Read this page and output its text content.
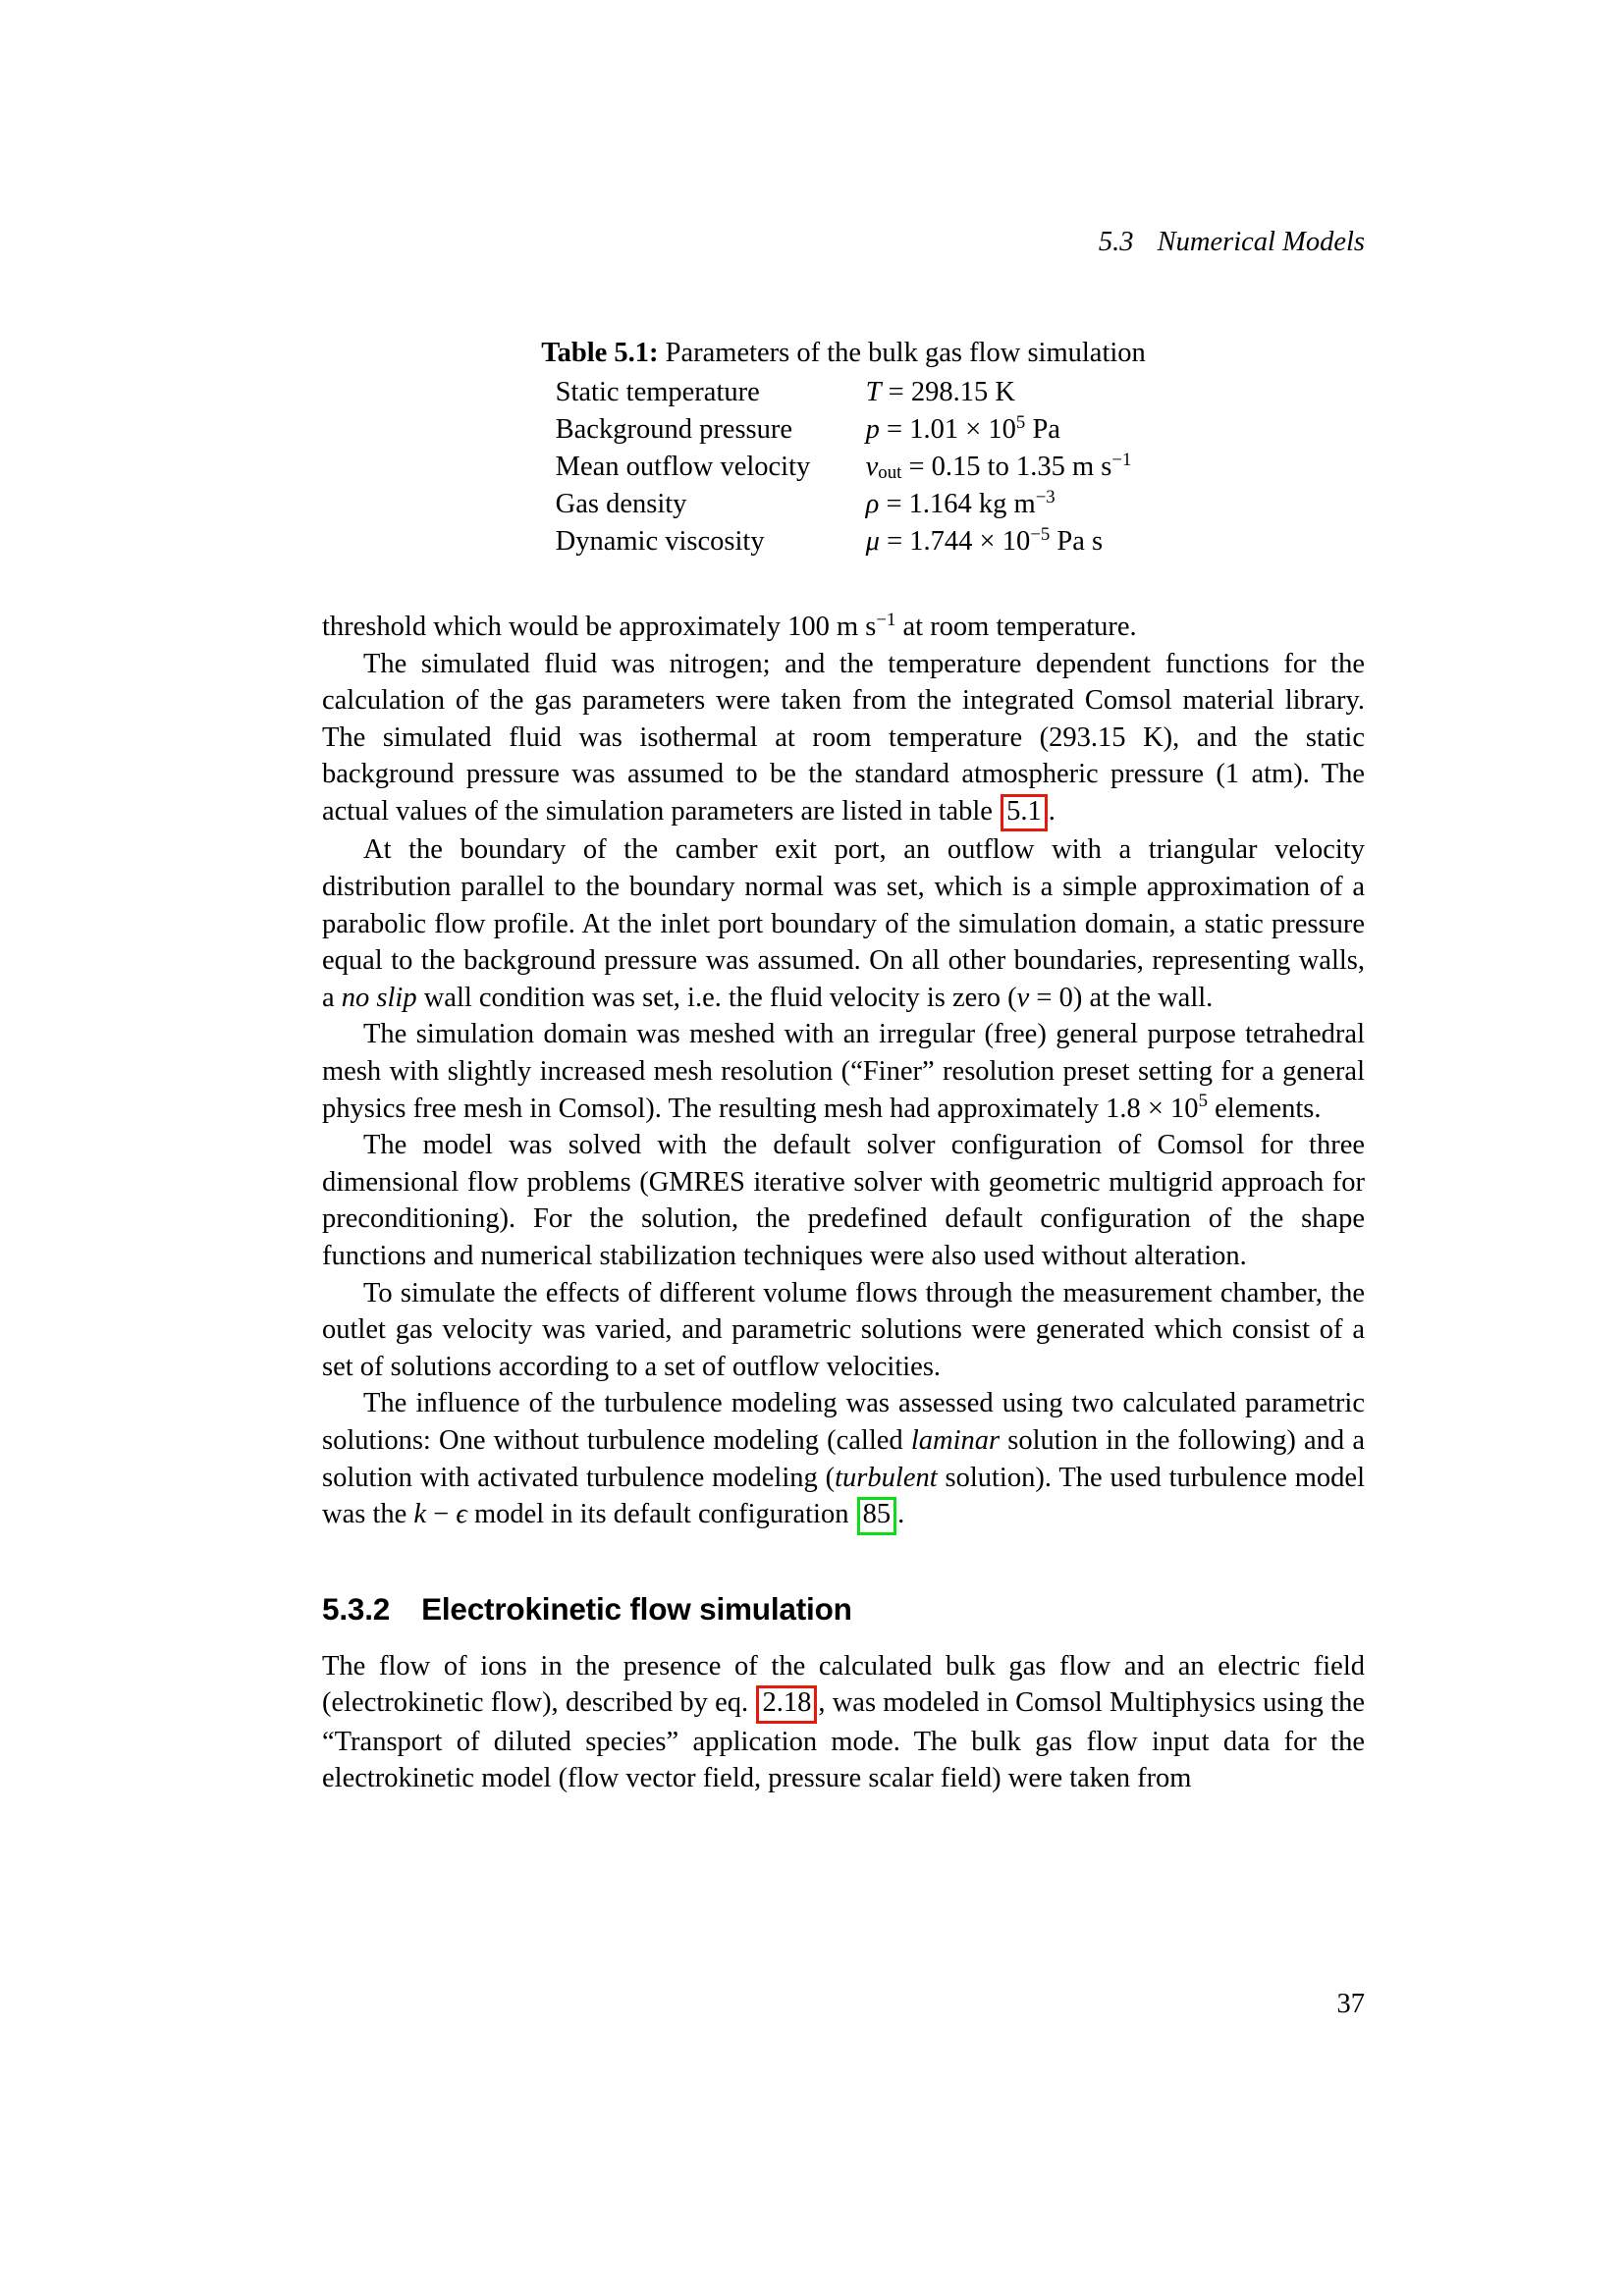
5.3 Numerical Models
Table 5.1: Parameters of the bulk gas flow simulation
Static temperature	T = 298.15 K
Background pressure	$p = 1.01 \times 10^5$ Pa
Mean outflow velocity	vout = 0.15 to 1.35 m $s^{-1}$
Gas density	ρ = 1.164 kg $m^{-3}$
Dynamic viscosity	$\mu = 1.744 \times 10^{-5}$ Pa s

threshold which would be approximately 100 m $s^{-1}$ at room temperature.

The simulated fluid was nitrogen; and the temperature dependent functions for the calculation of the gas parameters were taken from the integrated Comsol material library. The simulated fluid was isothermal at room temperature (293.15 K), and the static background pressure was assumed to be the standard atmospheric pressure (1 atm). The actual values of the simulation parameters are listed in table 5.1 .

At the boundary of the camber exit port, an outflow with a triangular velocity distribution parallel to the boundary normal was set, which is a simple approximation of a parabolic flow profile. At the inlet port boundary of the simulation domain, a static pressure equal to the background pressure was assumed. On all other boundaries, representing walls, a no slip wall condition was set, i.e. the fluid velocity is zero (v = 0) at the wall.

The simulation domain was meshed with an irregular (free) general purpose tetrahedral mesh with slightly increased mesh resolution (“Finer” resolution preset setting for a general physics free mesh in Comsol). The resulting mesh had approximately $1.8 \times 10^5$ elements.

The model was solved with the default solver configuration of Comsol for three dimensional flow problems (GMRES iterative solver with geometric multigrid approach for preconditioning). For the solution, the predefined default configuration of the shape functions and numerical stabilization techniques were also used without alteration.

To simulate the effects of different volume flows through the measurement chamber, the outlet gas velocity was varied, and parametric solutions were generated which consist of a set of solutions according to a set of outflow velocities.

The influence of the turbulence modeling was assessed using two calculated parametric solutions: One without turbulence modeling (called laminar solution in the following) and a solution with activated turbulence modeling (turbulent solution). The used turbulence model was the k − ϵ model in its default configuration 85 .

5.3.2 Electrokinetic flow simulation

The flow of ions in the presence of the calculated bulk gas flow and an electric field (electrokinetic flow), described by eq. 2.18 , was modeled in Comsol Multiphysics using the “Transport of diluted species” application mode. The bulk gas flow input data for the electrokinetic model (flow vector field, pressure scalar field) were taken from

37
